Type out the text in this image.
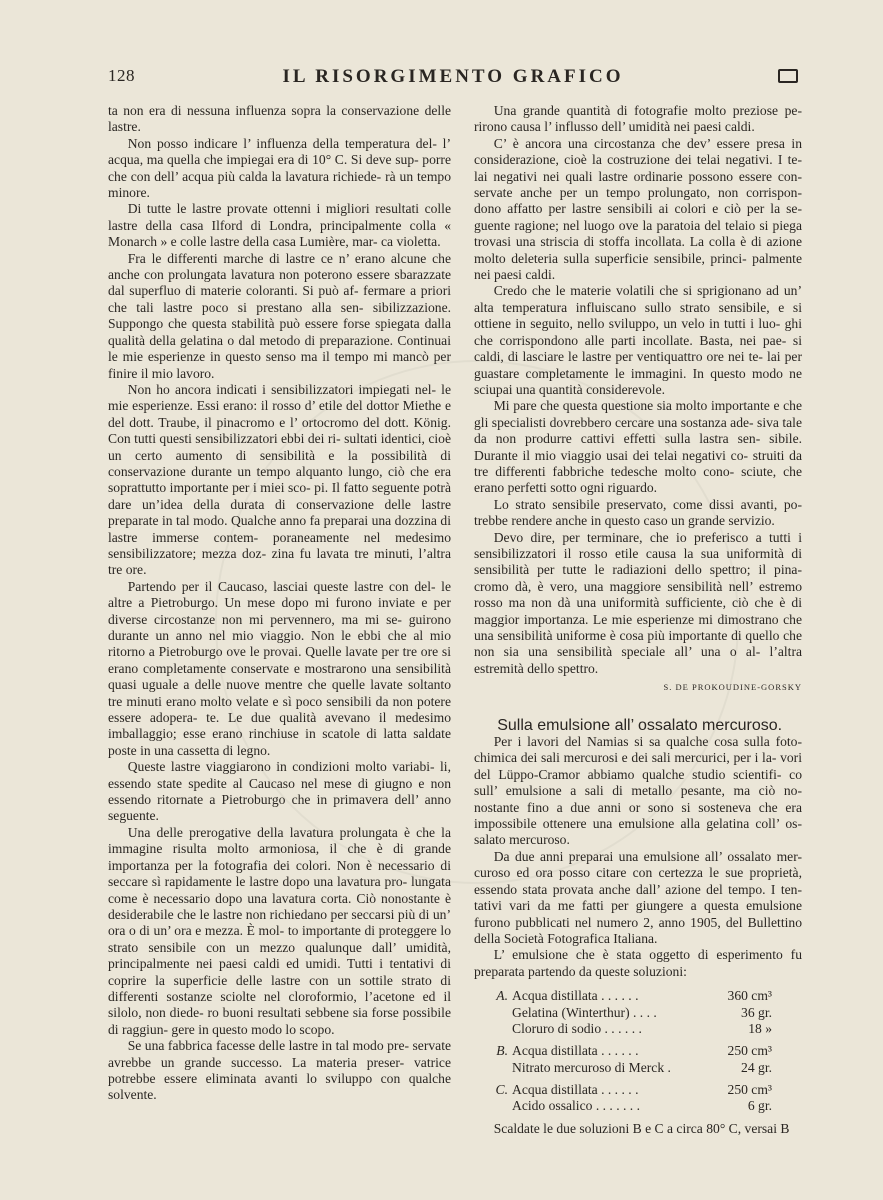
128	IL RISORGIMENTO GRAFICO

ta non era di nessuna influenza sopra la conservazione delle lastre.

Non posso indicare l’ influenza della temperatura del- l’ acqua, ma quella che impiegai era di 10° C. Si deve sup- porre che con dell’ acqua più calda la lavatura richiede- rà un tempo minore.

Di tutte le lastre provate ottenni i migliori resultati colle lastre della casa Ilford di Londra, principalmente colla « Monarch » e colle lastre della casa Lumière, mar- ca violetta.

Fra le differenti marche di lastre ce n’ erano alcune che anche con prolungata lavatura non poterono essere sbarazzate dal superfluo di materie coloranti. Si può af- fermare a priori che tali lastre poco si prestano alla sen- sibilizzazione. Suppongo che questa stabilità può essere forse spiegata dalla qualità della gelatina o dal metodo di preparazione. Continuai le mie esperienze in questo senso ma il tempo mi mancò per finire il mio lavoro.

Non ho ancora indicati i sensibilizzatori impiegati nel- le mie esperienze. Essi erano: il rosso d’ etile del dottor Miethe e del dott. Traube, il pinacromo e l’ ortocromo del dott. König. Con tutti questi sensibilizzatori ebbi dei ri- sultati identici, cioè un certo aumento di sensibilità e la possibilità di conservazione durante un tempo alquanto lungo, ciò che era soprattutto importante per i miei sco- pi. Il fatto seguente potrà dare un’idea della durata di conservazione delle lastre preparate in tal modo. Qualche anno fa preparai una dozzina di lastre immerse contem- poraneamente nel medesimo sensibilizzatore; mezza doz- zina fu lavata tre minuti, l’altra tre ore.

Partendo per il Caucaso, lasciai queste lastre con del- le altre a Pietroburgo. Un mese dopo mi furono inviate e per diverse circostanze non mi pervennero, ma mi se- guirono durante un anno nel mio viaggio. Non le ebbi che al mio ritorno a Pietroburgo ove le provai. Quelle lavate per tre ore si erano completamente conservate e mostrarono una sensibilità quasi uguale a delle nuove mentre che quelle lavate soltanto tre minuti erano molto velate e sì poco sensibili da non potere essere adopera- te. Le due qualità avevano il medesimo imballaggio; esse erano rinchiuse in scatole di latta saldate poste in una cassetta di legno.

Queste lastre viaggiarono in condizioni molto variabi- li, essendo state spedite al Caucaso nel mese di giugno e non essendo ritornate a Pietroburgo che in primavera dell’ anno seguente.

Una delle prerogative della lavatura prolungata è che la immagine risulta molto armoniosa, il che è di grande importanza per la fotografia dei colori. Non è necessario di seccare sì rapidamente le lastre dopo una lavatura pro- lungata come è necessario dopo una lavatura corta. Ciò nonostante è desiderabile che le lastre non richiedano per seccarsi più di un’ ora o di un’ ora e mezza. È mol- to importante di proteggere lo strato sensibile con un mezzo qualunque dall’ umidità, principalmente nei paesi caldi ed umidi. Tutti i tentativi di coprire la superficie delle lastre con un sottile strato di differenti sostanze sciolte nel cloroformio, l’acetone ed il silolo, non diede- ro buoni resultati sebbene sia forse possibile di raggiun- gere in questo modo lo scopo.

Se una fabbrica facesse delle lastre in tal modo pre- servate avrebbe un grande successo. La materia preser- vatrice potrebbe essere eliminata avanti lo sviluppo con qualche solvente.

Una grande quantità di fotografie molto preziose pe- rirono causa l’ influsso dell’ umidità nei paesi caldi.

C’ è ancora una circostanza che dev’ essere presa in considerazione, cioè la costruzione dei telai negativi. I te- lai negativi nei quali lastre ordinarie possono essere con- servate anche per un tempo prolungato, non corrispon- dono affatto per lastre sensibili ai colori e ciò per la se- guente ragione; nel luogo ove la paratoia del telaio si piega trovasi una striscia di stoffa incollata. La colla è di azione molto deleteria sulla superficie sensibile, princi- palmente nei paesi caldi.

Credo che le materie volatili che si sprigionano ad un’ alta temperatura influiscano sullo strato sensibile, e si ottiene in seguito, nello sviluppo, un velo in tutti i luo- ghi che corrispondono alle parti incollate. Basta, nei pae- si caldi, di lasciare le lastre per ventiquattro ore nei te- lai per guastare completamente le immagini. In questo modo ne sciupai una quantità considerevole.

Mi pare che questa questione sia molto importante e che gli specialisti dovrebbero cercare una sostanza ade- siva tale da non produrre cattivi effetti sulla lastra sen- sibile. Durante il mio viaggio usai dei telai negativi co- struiti da tre differenti fabbriche tedesche molto cono- sciute, che erano perfetti sotto ogni riguardo.

Lo strato sensibile preservato, come dissi avanti, po- trebbe rendere anche in questo caso un grande servizio.

Devo dire, per terminare, che io preferisco a tutti i sensibilizzatori il rosso etile causa la sua uniformità di sensibilità per tutte le radiazioni dello spettro; il pina- cromo dà, è vero, una maggiore sensibilità nell’ estremo rosso ma non dà una uniformità sufficiente, ciò che è di maggior importanza. Le mie esperienze mi dimostrano che una sensibilità uniforme è cosa più importante di quello che non sia una sensibilità speciale all’ una o al- l’altra estremità dello spettro.

S. DE PROKOUDINE-GORSKY

Sulla emulsione all’ ossalato mercuroso.

Per i lavori del Namias si sa qualche cosa sulla foto- chimica dei sali mercurosi e dei sali mercurici, per i la- vori del Lüppo-Cramor abbiamo qualche studio scientifi- co sull’ emulsione a sali di metallo pesante, ma ciò no- nostante fino a due anni or sono si sosteneva che era impossibile ottenere una emulsione alla gelatina coll’ os- salato mercuroso.

Da due anni preparai una emulsione all’ ossalato mer- curoso ed ora posso citare con certezza le sue proprietà, essendo stata provata anche dall’ azione del tempo. I ten- tativi vari da me fatti per giungere a questa emulsione furono pubblicati nel numero 2, anno 1905, del Bullettino della Società Fotografica Italiana.

L’ emulsione che è stata oggetto di esperimento fu preparata partendo da queste soluzioni:

A. Acqua distillata . . . . . .	360 cm³
Gelatina (Winterthur) . . . .	36 gr.
Cloruro di sodio . . . . . .	18 »
B. Acqua distillata . . . . . .	250 cm³
Nitrato mercuroso di Merck .	24 gr.
C. Acqua distillata . . . . . .	250 cm³
Acido ossalico . . . . . . .	6 gr.

Scaldate le due soluzioni B e C a circa 80° C, versai B
